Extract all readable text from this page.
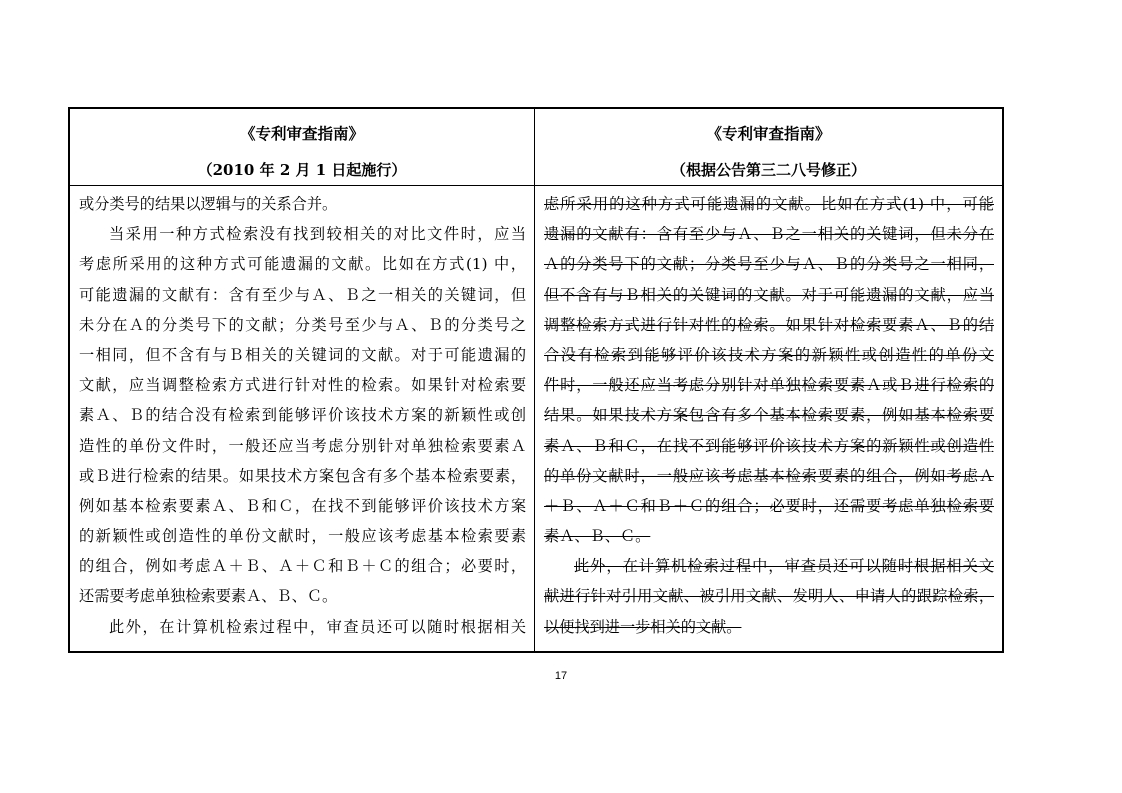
《专利审查指南》
（2010 年 2 月 1 日起施行）
或分类号的结果以逻辑与的关系合并。
当采用一种方式检索没有找到较相关的对比文件时，应当
考虑所采用的这种方式可能遗漏的文献。比如在方式(1) 中，
可能遗漏的文献有：含有至少与Ａ、Ｂ之一相关的关键词，但
未分在Ａ的分类号下的文献；分类号至少与Ａ、Ｂ的分类号之
一相同，但不含有与Ｂ相关的关键词的文献。对于可能遗漏的
文献，应当调整检索方式进行针对性的检索。如果针对检索要
素Ａ、Ｂ的结合没有检索到能够评价该技术方案的新颖性或创
造性的单份文件时，一般还应当考虑分别针对单独检索要素Ａ
或Ｂ进行检索的结果。如果技术方案包含有多个基本检索要素，
例如基本检索要素Ａ、Ｂ和Ｃ，在找不到能够评价该技术方案
的新颖性或创造性的单份文献时，一般应该考虑基本检索要素
的组合，例如考虑Ａ＋Ｂ、Ａ＋Ｃ和Ｂ＋Ｃ的组合；必要时，
还需要考虑单独检索要素Ａ、Ｂ、Ｃ。
此外，在计算机检索过程中，审查员还可以随时根据相关
《专利审查指南》
（根据公告第三二八号修正）
虑所采用的这种方式可能遗漏的文献。比如在方式(1) 中，可能
遗漏的文献有：含有至少与Ａ、Ｂ之一相关的关键词，但未分在
Ａ的分类号下的文献；分类号至少与Ａ、Ｂ的分类号之一相同，
但不含有与Ｂ相关的关键词的文献。对于可能遗漏的文献，应当
调整检索方式进行针对性的检索。如果针对检索要素Ａ、Ｂ的结
合没有检索到能够评价该技术方案的新颖性或创造性的单份文
件时，一般还应当考虑分别针对单独检索要素Ａ或Ｂ进行检索的
结果。如果技术方案包含有多个基本检索要素，例如基本检索要
素Ａ、Ｂ和Ｃ，在找不到能够评价该技术方案的新颖性或创造性
的单份文献时，一般应该考虑基本检索要素的组合，例如考虑Ａ
＋Ｂ、Ａ＋Ｃ和Ｂ＋Ｃ的组合；必要时，还需要考虑单独检索要
素Ａ、Ｂ、Ｃ。
此外，在计算机检索过程中，审查员还可以随时根据相关文
献进行针对引用文献、被引用文献、发明人、申请人的跟踪检索，
以便找到进一步相关的文献。
17
